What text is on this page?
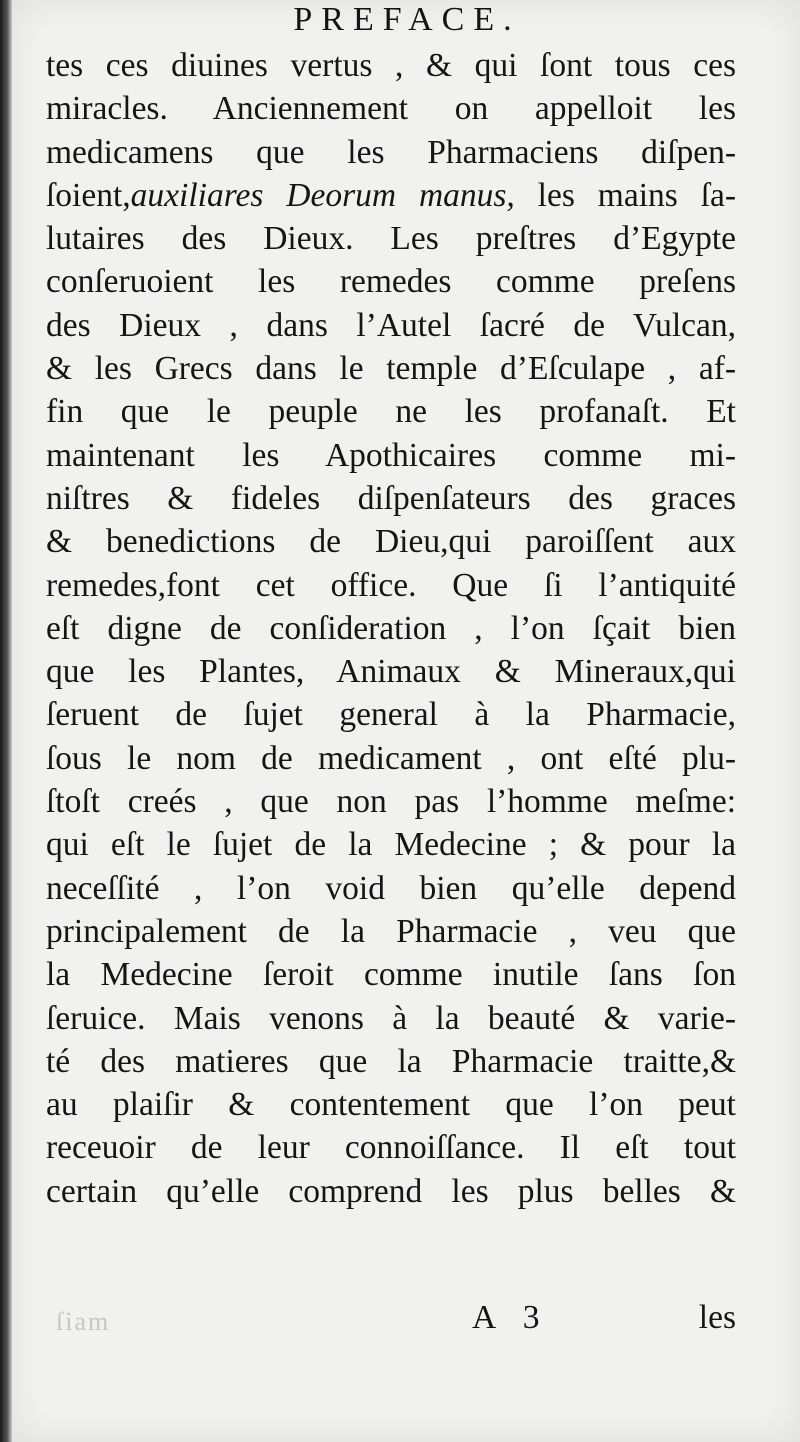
PREFACE.
tes ces diuines vertus , & qui ſont tous ces
miracles. Anciennement on appelloit les
medicamens que les Pharmaciens diſpen-
ſoient,auxiliares Deorum manus, les mains ſa-
lutaires des Dieux. Les preſtres d’Egypte
conſeruoient les remedes comme preſens
des Dieux , dans l’Autel ſacré de Vulcan,
& les Grecs dans le temple d’Eſculape , af-
fin que le peuple ne les profanaſt. Et
maintenant les Apothicaires comme mi-
niſtres & fideles diſpenſateurs des graces
& benedictions de Dieu,qui paroiſſent aux
remedes,font cet office. Que ſi l’antiquité
eſt digne de conſideration , l’on ſçait bien
que les Plantes, Animaux & Mineraux,qui
ſeruent de ſujet general à la Pharmacie,
ſous le nom de medicament , ont eſté plu-
ſtoſt creés , que non pas l’homme meſme:
qui eſt le ſujet de la Medecine ; & pour la
neceſſité , l’on void bien qu’elle depend
principalement de la Pharmacie , veu que
la Medecine ſeroit comme inutile ſans ſon
ſeruice. Mais venons à la beauté & varie-
té des matieres que la Pharmacie traitte,&
au plaiſir & contentement que l’on peut
receuoir de leur connoiſſance. Il eſt tout
certain qu’elle comprend les plus belles &
ſiam	A 3	les
